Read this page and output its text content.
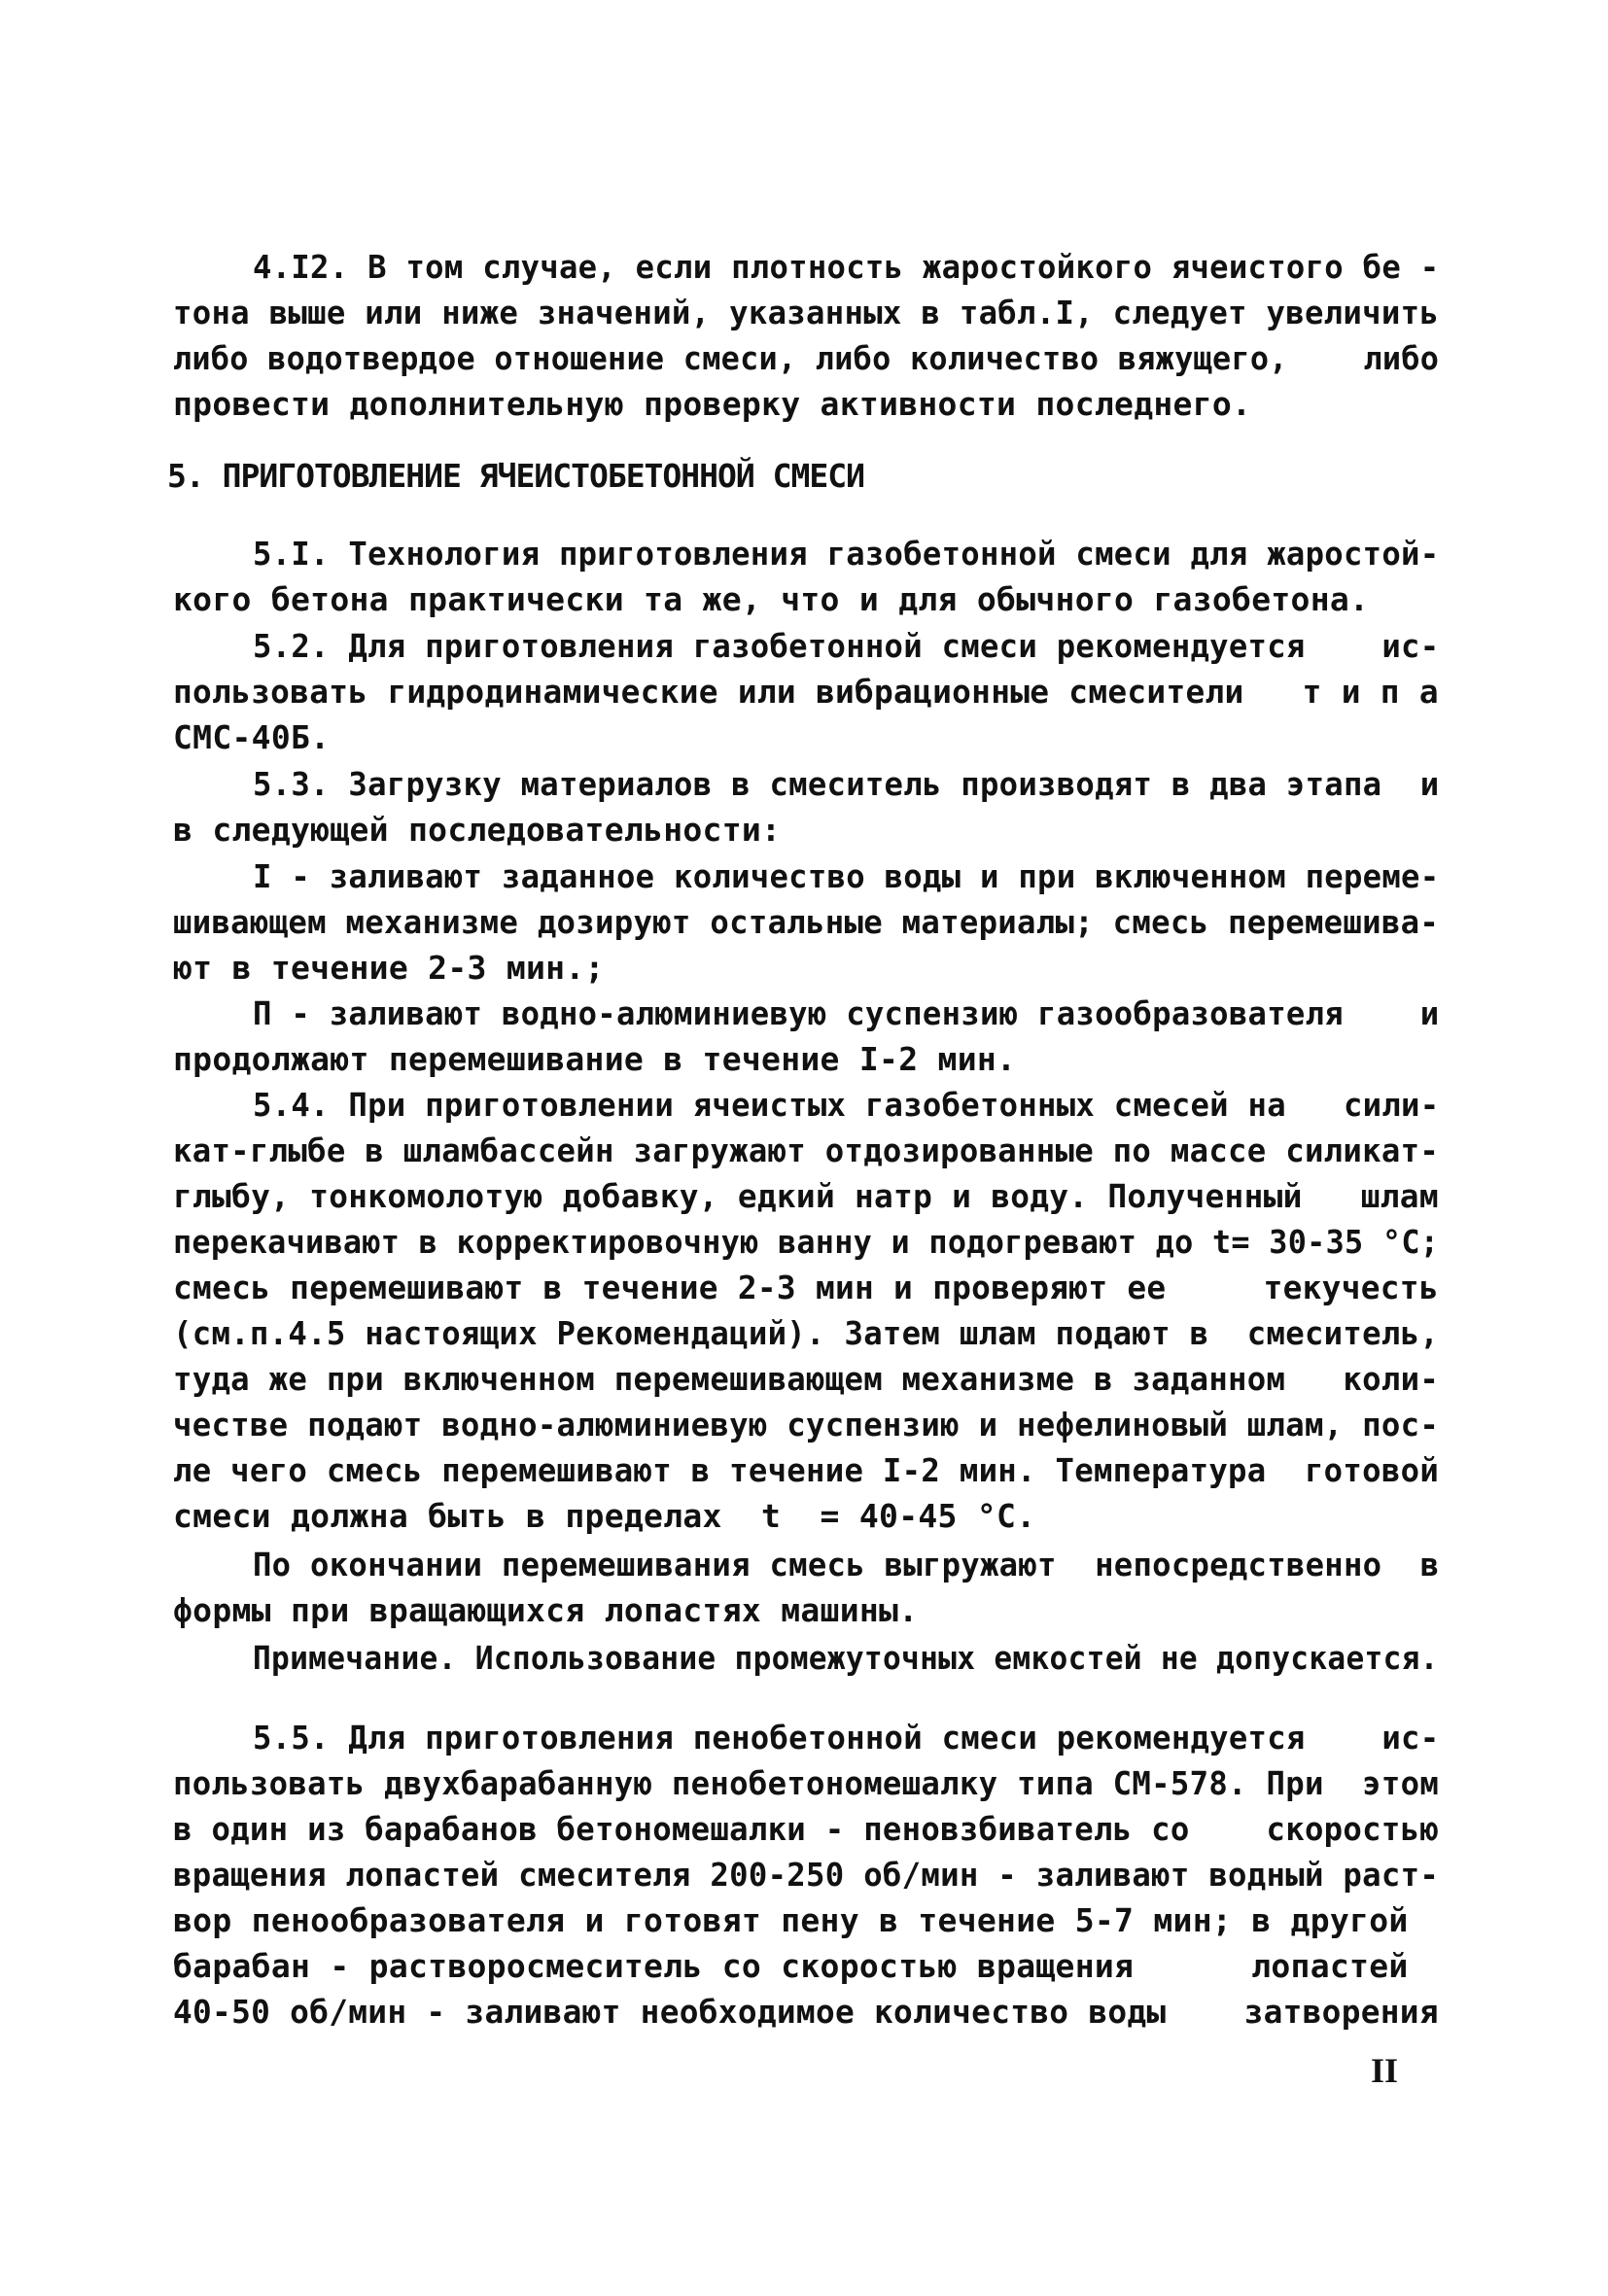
4.I2. В том случае, если плотность жаростойкого ячеистого бе -
тона выше или ниже значений, указанных в табл.I, следует увеличить
либо водотвердое отношение смеси, либо количество вяжущего,    либо
провести дополнительную проверку активности последнего.
5. ПРИГОТОВЛЕНИЕ ЯЧЕИСТОБЕТОННОЙ СМЕСИ
5.I. Технология приготовления газобетонной смеси для жаростой-
кого бетона практически та же, что и для обычного газобетона.
5.2. Для приготовления газобетонной смеси рекомендуется    ис-
пользовать гидродинамические или вибрационные смесители   т и п а
СМС-40Б.
5.3. Загрузку материалов в смеситель производят в два этапа  и
в следующей последовательности:
I - заливают заданное количество воды и при включенном переме-
шивающем механизме дозируют остальные материалы; смесь перемешива-
ют в течение 2-3 мин.;
П - заливают водно-алюминиевую суспензию газообразователя    и
продолжают перемешивание в течение I-2 мин.
5.4. При приготовлении ячеистых газобетонных смесей на   сили-
кат-глыбе в шламбассейн загружают отдозированные по массе силикат-
глыбу, тонкомолотую добавку, едкий натр и воду. Полученный   шлам
перекачивают в корректировочную ванну и подогревают до t= 30-35 °С;
смесь перемешивают в течение 2-3 мин и проверяют ее     текучесть
(см.п.4.5 настоящих Рекомендаций). Затем шлам подают в  смеситель,
туда же при включенном перемешивающем механизме в заданном   коли-
честве подают водно-алюминиевую суспензию и нефелиновый шлам, пос-
ле чего смесь перемешивают в течение I-2 мин. Температура  готовой
смеси должна быть в пределах  t  = 40-45 °С.
По окончании перемешивания смесь выгружают  непосредственно  в
формы при вращающихся лопастях машины.
Примечание. Использование промежуточных емкостей не допускается.
5.5. Для приготовления пенобетонной смеси рекомендуется    ис-
пользовать двухбарабанную пенобетономешалку типа СМ-578. При  этом
в один из барабанов бетономешалки - пеновзбиватель со    скоростью
вращения лопастей смесителя 200-250 об/мин - заливают водный раст-
вор пенообразователя и готовят пену в течение 5-7 мин; в другой
барабан - растворосмеситель со скоростью вращения      лопастей
40-50 об/мин - заливают необходимое количество воды    затворения
II
